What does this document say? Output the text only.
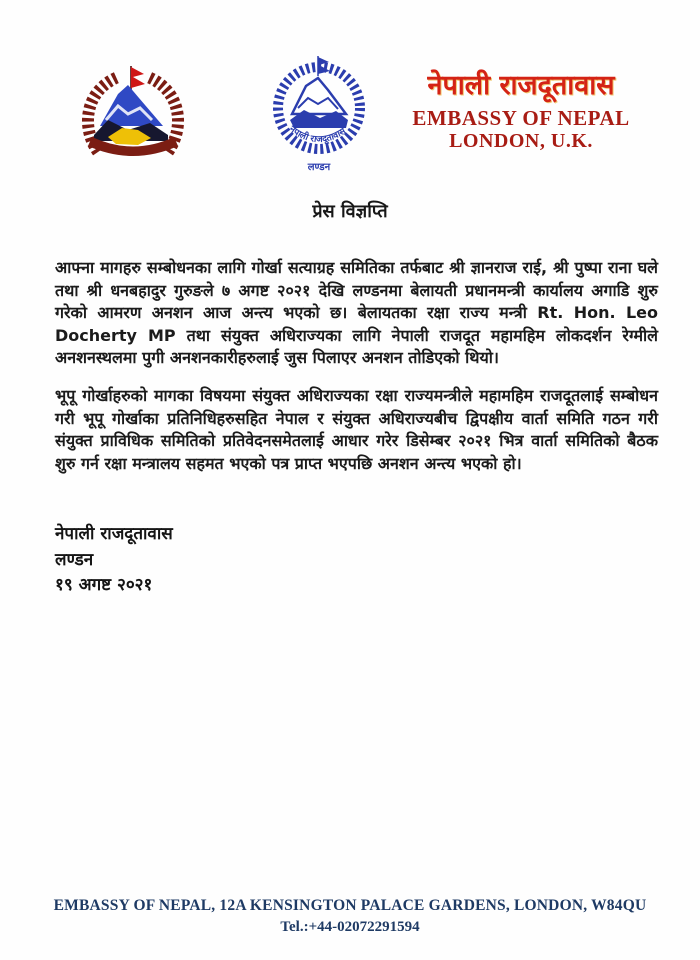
नेपाली राजदूतावास
लण्डन
नेपाली राजदूतावास
EMBASSY OF NEPAL
LONDON, U.K.
प्रेस विज्ञप्ति

आफ्ना मागहरु सम्बोधनका लागि गोर्खा सत्याग्रह समितिका तर्फबाट श्री ज्ञानराज राई, श्री पुष्पा राना घले तथा श्री धनबहादुर गुरुङले ७ अगष्ट २०२१ देखि लण्डनमा बेलायती प्रधानमन्त्री कार्यालय अगाडि शुरु गरेको आमरण अनशन आज अन्त्य भएको छ। बेलायतका रक्षा राज्य मन्त्री Rt. Hon. Leo Docherty MP तथा संयुक्त अधिराज्यका लागि नेपाली राजदूत महामहिम लोकदर्शन रेग्मीले अनशनस्थलमा पुगी अनशनकारीहरुलाई जुस पिलाएर अनशन तोडिएको थियो।

भूपू गोर्खाहरुको मागका विषयमा संयुक्त अधिराज्यका रक्षा राज्यमन्त्रीले महामहिम राजदूतलाई सम्बोधन गरी भूपू गोर्खाका प्रतिनिधिहरुसहित नेपाल र संयुक्त अधिराज्यबीच द्विपक्षीय वार्ता समिति गठन गरी संयुक्त प्राविधिक समितिको प्रतिवेदनसमेतलाई आधार गरेर डिसेम्बर २०२१ भित्र वार्ता समितिको बैठक शुरु गर्न रक्षा मन्त्रालय सहमत भएको पत्र प्राप्त भएपछि अनशन अन्त्य भएको हो।

नेपाली राजदूतावास
लण्डन
१९ अगष्ट २०२१
EMBASSY OF NEPAL, 12A KENSINGTON PALACE GARDENS, LONDON, W84QU
Tel.:+44-02072291594
